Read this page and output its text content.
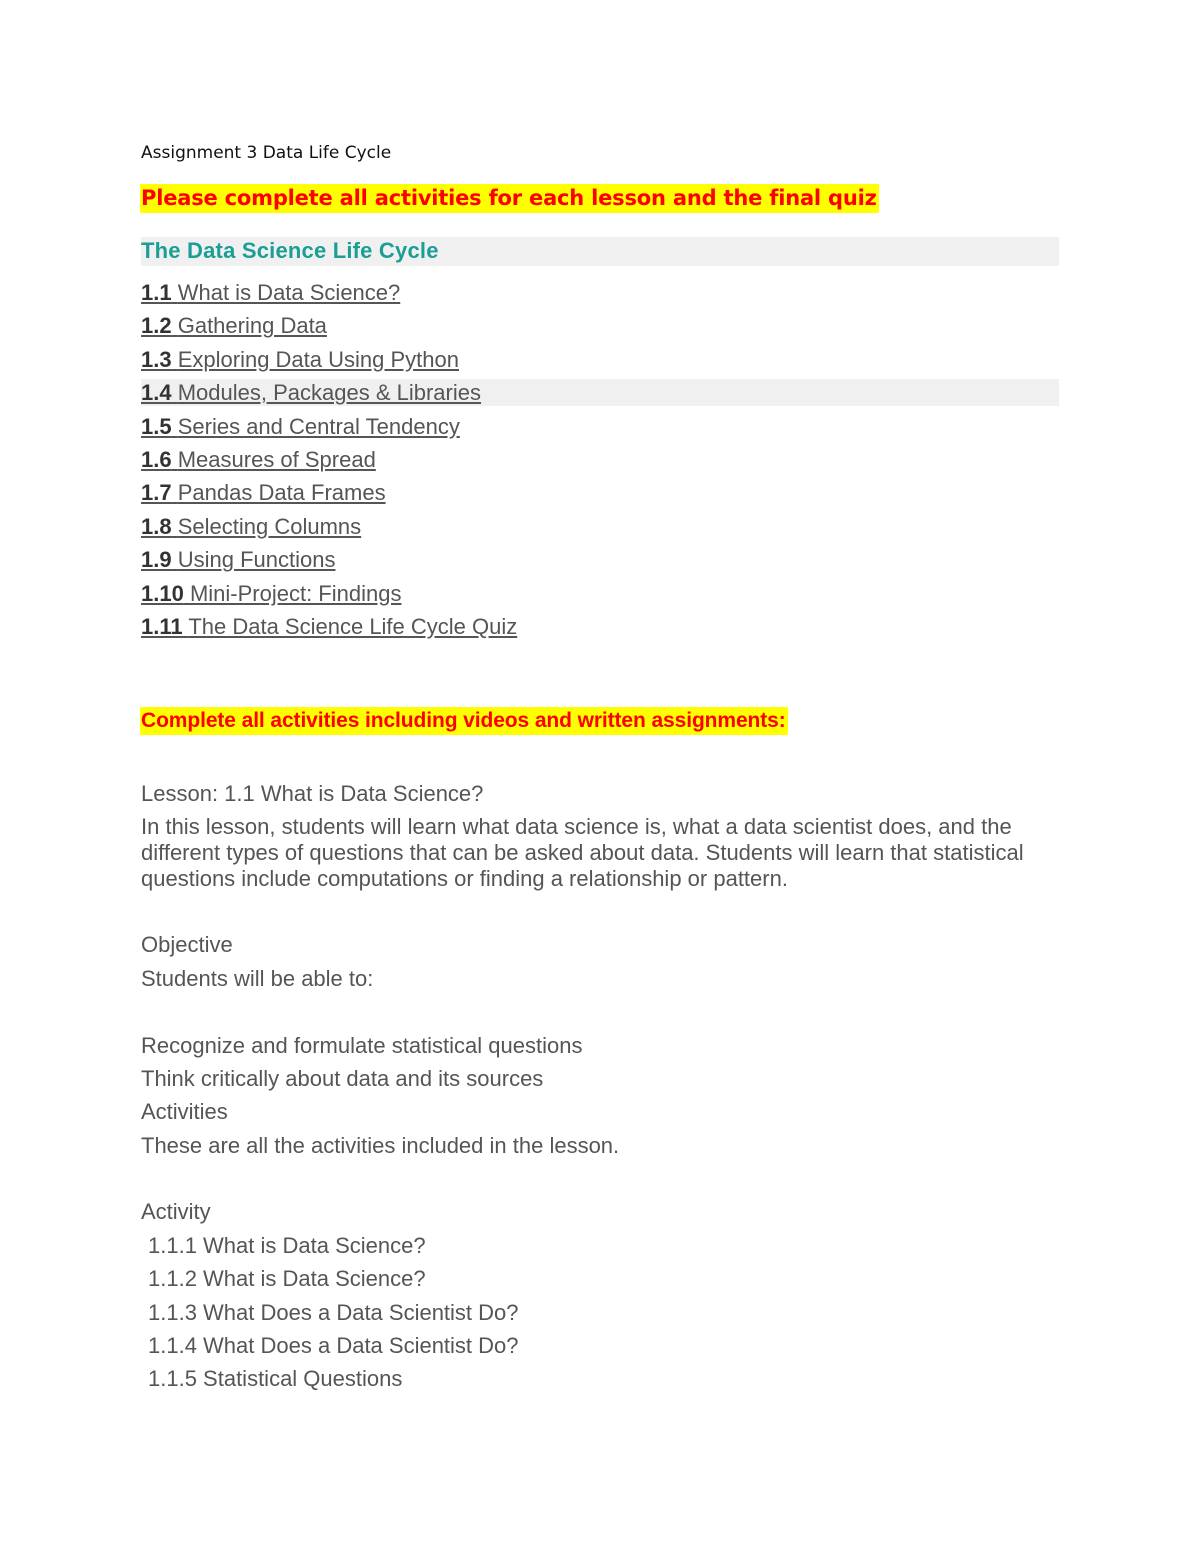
Assignment 3 Data Life Cycle
Please complete all activities for each lesson and the final quiz
The Data Science Life Cycle
1.1 What is Data Science?
1.2 Gathering Data
1.3 Exploring Data Using Python
1.4 Modules, Packages & Libraries
1.5 Series and Central Tendency
1.6 Measures of Spread
1.7 Pandas Data Frames
1.8 Selecting Columns
1.9 Using Functions
1.10 Mini-Project: Findings
1.11 The Data Science Life Cycle Quiz
Complete all activities including videos and written assignments:
Lesson: 1.1 What is Data Science?
In this lesson, students will learn what data science is, what a data scientist does, and the different types of questions that can be asked about data. Students will learn that statistical questions include computations or finding a relationship or pattern.
Objective
Students will be able to:
Recognize and formulate statistical questions
Think critically about data and its sources
Activities
These are all the activities included in the lesson.
Activity
1.1.1 What is Data Science?
1.1.2 What is Data Science?
1.1.3 What Does a Data Scientist Do?
1.1.4 What Does a Data Scientist Do?
1.1.5 Statistical Questions
